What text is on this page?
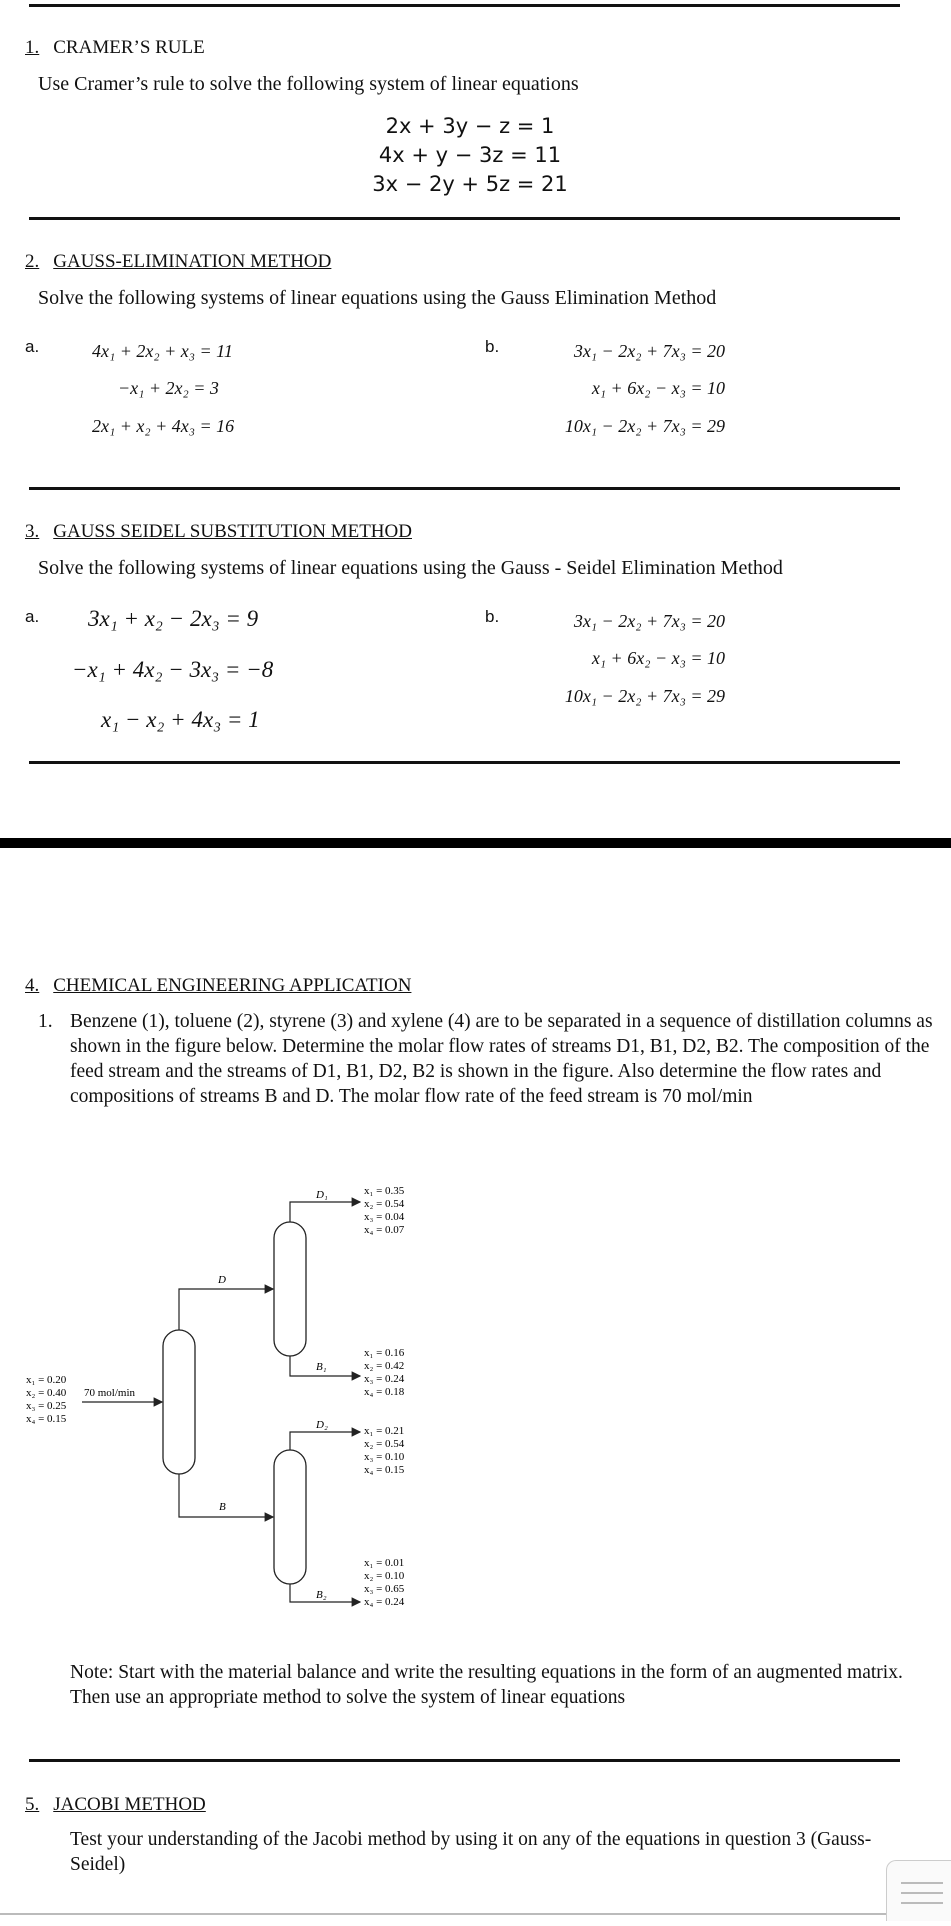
1. CRAMER’S RULE
Use Cramer’s rule to solve the following system of linear equations
2x + 3y − z = 1
4x + y − 3z = 11
3x − 2y + 5z = 21
2. GAUSS-ELIMINATION METHOD
Solve the following systems of linear equations using the Gauss Elimination Method
a.	4x₁ + 2x₂ + x₃ = 11
−x₁ + 2x₂ = 3
2x₁ + x₂ + 4x₃ = 16
b.	3x₁ − 2x₂ + 7x₃ = 20
x₁ + 6x₂ − x₃ = 10
10x₁ − 2x₂ + 7x₃ = 29
3. GAUSS SEIDEL SUBSTITUTION METHOD
Solve the following systems of linear equations using the Gauss - Seidel Elimination Method
a. 3x₁ + x₂ − 2x₃ = 9
−x₁ + 4x₂ − 3x₃ = −8
x₁ − x₂ + 4x₃ = 1
b.	3x₁ − 2x₂ + 7x₃ = 20
x₁ + 6x₂ − x₃ = 10
10x₁ − 2x₂ + 7x₃ = 29
4. CHEMICAL ENGINEERING APPLICATION
1. Benzene (1), toluene (2), styrene (3) and xylene (4) are to be separated in a sequence of distillation columns as shown in the figure below. Determine the molar flow rates of streams D1, B1, D2, B2. The composition of the feed stream and the streams of D1, B1, D2, B2 is shown in the figure. Also determine the flow rates and compositions of streams B and D. The molar flow rate of the feed stream is 70 mol/min
x₁ = 0.20
x₂ = 0.40
x₃ = 0.25
x₄ = 0.15
70 mol/min
D
B
D₁
B₁
D₂
B₂
x₁ = 0.35
x₂ = 0.54
x₃ = 0.04
x₄ = 0.07
x₁ = 0.16
x₂ = 0.42
x₃ = 0.24
x₄ = 0.18
x₁ = 0.21
x₂ = 0.54
x₃ = 0.10
x₄ = 0.15
x₁ = 0.01
x₂ = 0.10
x₃ = 0.65
x₄ = 0.24
Note: Start with the material balance and write the resulting equations in the form of an augmented matrix. Then use an appropriate method to solve the system of linear equations
5. JACOBI METHOD
Test your understanding of the Jacobi method by using it on any of the equations in question 3 (Gauss-Seidel)
